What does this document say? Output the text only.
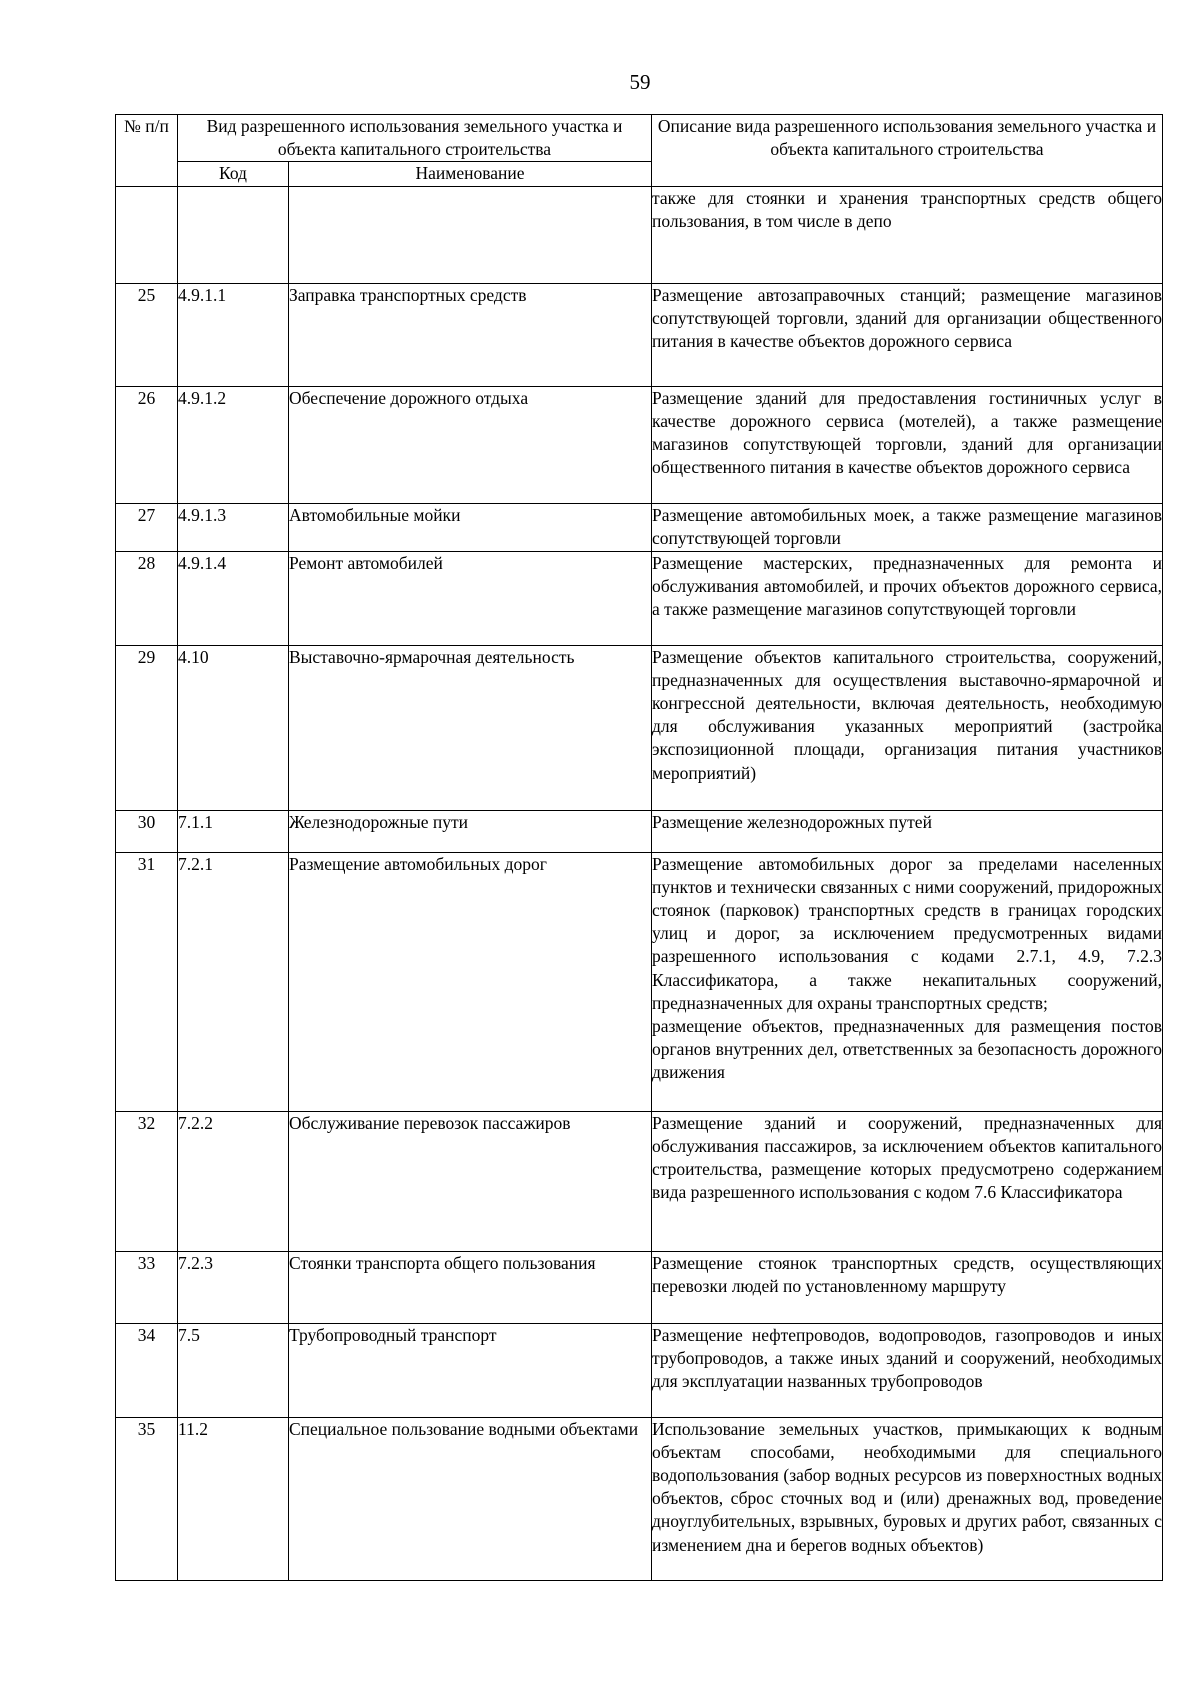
59
№ п/п	Вид разрешенного использования земельного участка и объекта капитального строительства		Описание вида разрешенного использования земельного участка и объекта капитального строительства
	Код	Наименование	
			также для стоянки и хранения транспортных средств общего пользования, в том числе в депо
25	4.9.1.1	Заправка транспортных средств	Размещение автозаправочных станций; размещение магазинов сопутствующей торговли, зданий для организации общественного питания в качестве объектов дорожного сервиса
26	4.9.1.2	Обеспечение дорожного отдыха	Размещение зданий для предоставления гостиничных услуг в качестве дорожного сервиса (мотелей), а также размещение магазинов сопутствующей торговли, зданий для организации общественного питания в качестве объектов дорожного сервиса
27	4.9.1.3	Автомобильные мойки	Размещение автомобильных моек, а также размещение магазинов сопутствующей торговли
28	4.9.1.4	Ремонт автомобилей	Размещение мастерских, предназначенных для ремонта и обслуживания автомобилей, и прочих объектов дорожного сервиса, а также размещение магазинов сопутствующей торговли
29	4.10	Выставочно-ярмарочная деятельность	Размещение объектов капитального строительства, сооружений, предназначенных для осуществления выставочно-ярмарочной и конгрессной деятельности, включая деятельность, необходимую для обслуживания указанных мероприятий (застройка экспозиционной площади, организация питания участников мероприятий)
30	7.1.1	Железнодорожные пути	Размещение железнодорожных путей
31	7.2.1	Размещение автомобильных дорог	Размещение автомобильных дорог за пределами населенных пунктов и технически связанных с ними сооружений, придорожных стоянок (парковок) транспортных средств в границах городских улиц и дорог, за исключением предусмотренных видами разрешенного использования с кодами 2.7.1, 4.9, 7.2.3 Классификатора, а также некапитальных сооружений, предназначенных для охраны транспортных средств;
размещение объектов, предназначенных для размещения постов органов внутренних дел, ответственных за безопасность дорожного движения

32	7.2.2	Обслуживание перевозок пассажиров	Размещение зданий и сооружений, предназначенных для обслуживания пассажиров, за исключением объектов капитального строительства, размещение которых предусмотрено содержанием вида разрешенного использования с кодом 7.6 Классификатора
33	7.2.3	Стоянки транспорта общего пользования	Размещение стоянок транспортных средств, осуществляющих перевозки людей по установленному маршруту
34	7.5	Трубопроводный транспорт	Размещение нефтепроводов, водопроводов, газопроводов и иных трубопроводов, а также иных зданий и сооружений, необходимых для эксплуатации названных трубопроводов
35	11.2	Специальное пользование водными объектами	Использование земельных участков, примыкающих к водным объектам способами, необходимыми для специального водопользования (забор водных ресурсов из поверхностных водных объектов, сброс сточных вод и (или) дренажных вод, проведение дноуглубительных, взрывных, буровых и других работ, связанных с изменением дна и берегов водных объектов)
